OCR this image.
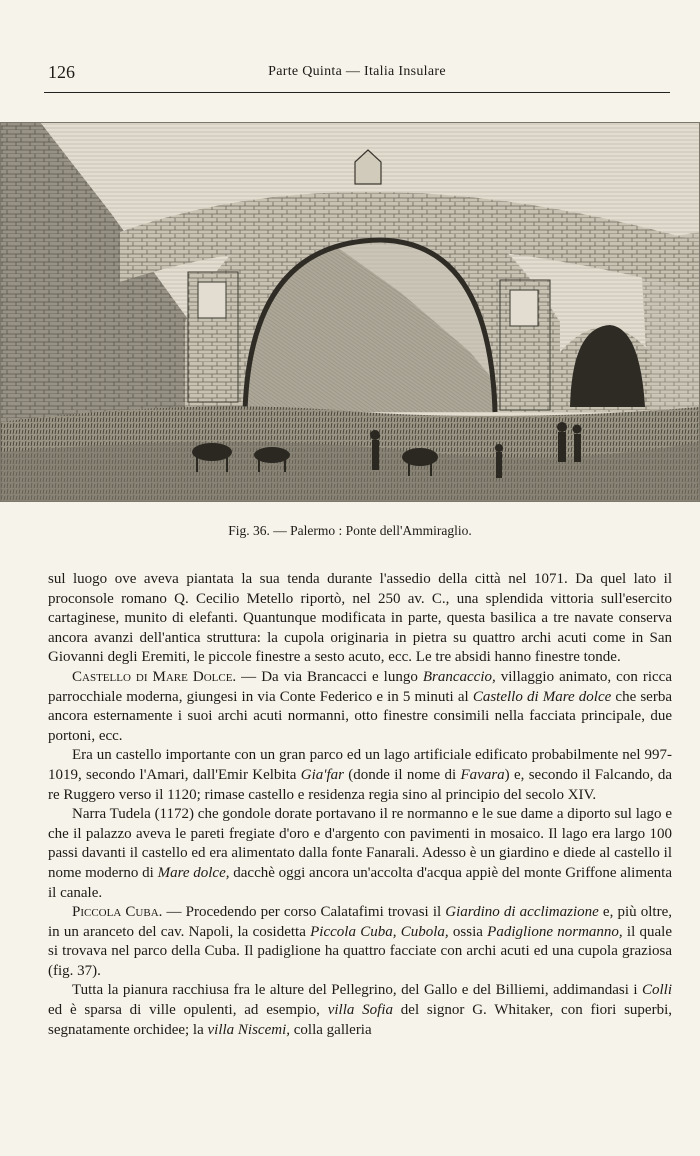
126	Parte Quinta — Italia Insulare
Fig. 36. — Palermo : Ponte dell'Ammiraglio.

sul luogo ove aveva piantata la sua tenda durante l'assedio della città nel 1071. Da quel lato il proconsole romano Q. Cecilio Metello riportò, nel 250 av. C., una splendida vittoria sull'esercito cartaginese, munito di elefanti. Quantunque modificata in parte, questa basilica a tre navate conserva ancora avanzi dell'antica struttura: la cupola originaria in pietra su quattro archi acuti come in San Giovanni degli Eremiti, le piccole finestre a sesto acuto, ecc. Le tre absidi hanno finestre tonde.

Castello di Mare Dolce. — Da via Brancacci e lungo Brancaccio, villaggio animato, con ricca parrocchiale moderna, giungesi in via Conte Federico e in 5 minuti al Castello di Mare dolce che serba ancora esternamente i suoi archi acuti normanni, otto finestre consimili nella facciata principale, due portoni, ecc.

Era un castello importante con un gran parco ed un lago artificiale edificato probabilmente nel 997-1019, secondo l'Amari, dall'Emir Kelbita Gia'far (donde il nome di Favara) e, secondo il Falcando, da re Ruggero verso il 1120; rimase castello e residenza regia sino al principio del secolo XIV.

Narra Tudela (1172) che gondole dorate portavano il re normanno e le sue dame a diporto sul lago e che il palazzo aveva le pareti fregiate d'oro e d'argento con pavimenti in mosaico. Il lago era largo 100 passi davanti il castello ed era alimentato dalla fonte Fanarali. Adesso è un giardino e diede al castello il nome moderno di Mare dolce, dacchè oggi ancora un'accolta d'acqua appiè del monte Griffone alimenta il canale.

Piccola Cuba. — Procedendo per corso Calatafimi trovasi il Giardino di acclimazione e, più oltre, in un aranceto del cav. Napoli, la cosidetta Piccola Cuba, Cubola, ossia Padiglione normanno, il quale si trovava nel parco della Cuba. Il padiglione ha quattro facciate con archi acuti ed una cupola graziosa (fig. 37).

Tutta la pianura racchiusa fra le alture del Pellegrino, del Gallo e del Billiemi, addimandasi i Colli ed è sparsa di ville opulenti, ad esempio, villa Sofia del signor G. Whitaker, con fiori superbi, segnatamente orchidee; la villa Niscemi, colla galleria
